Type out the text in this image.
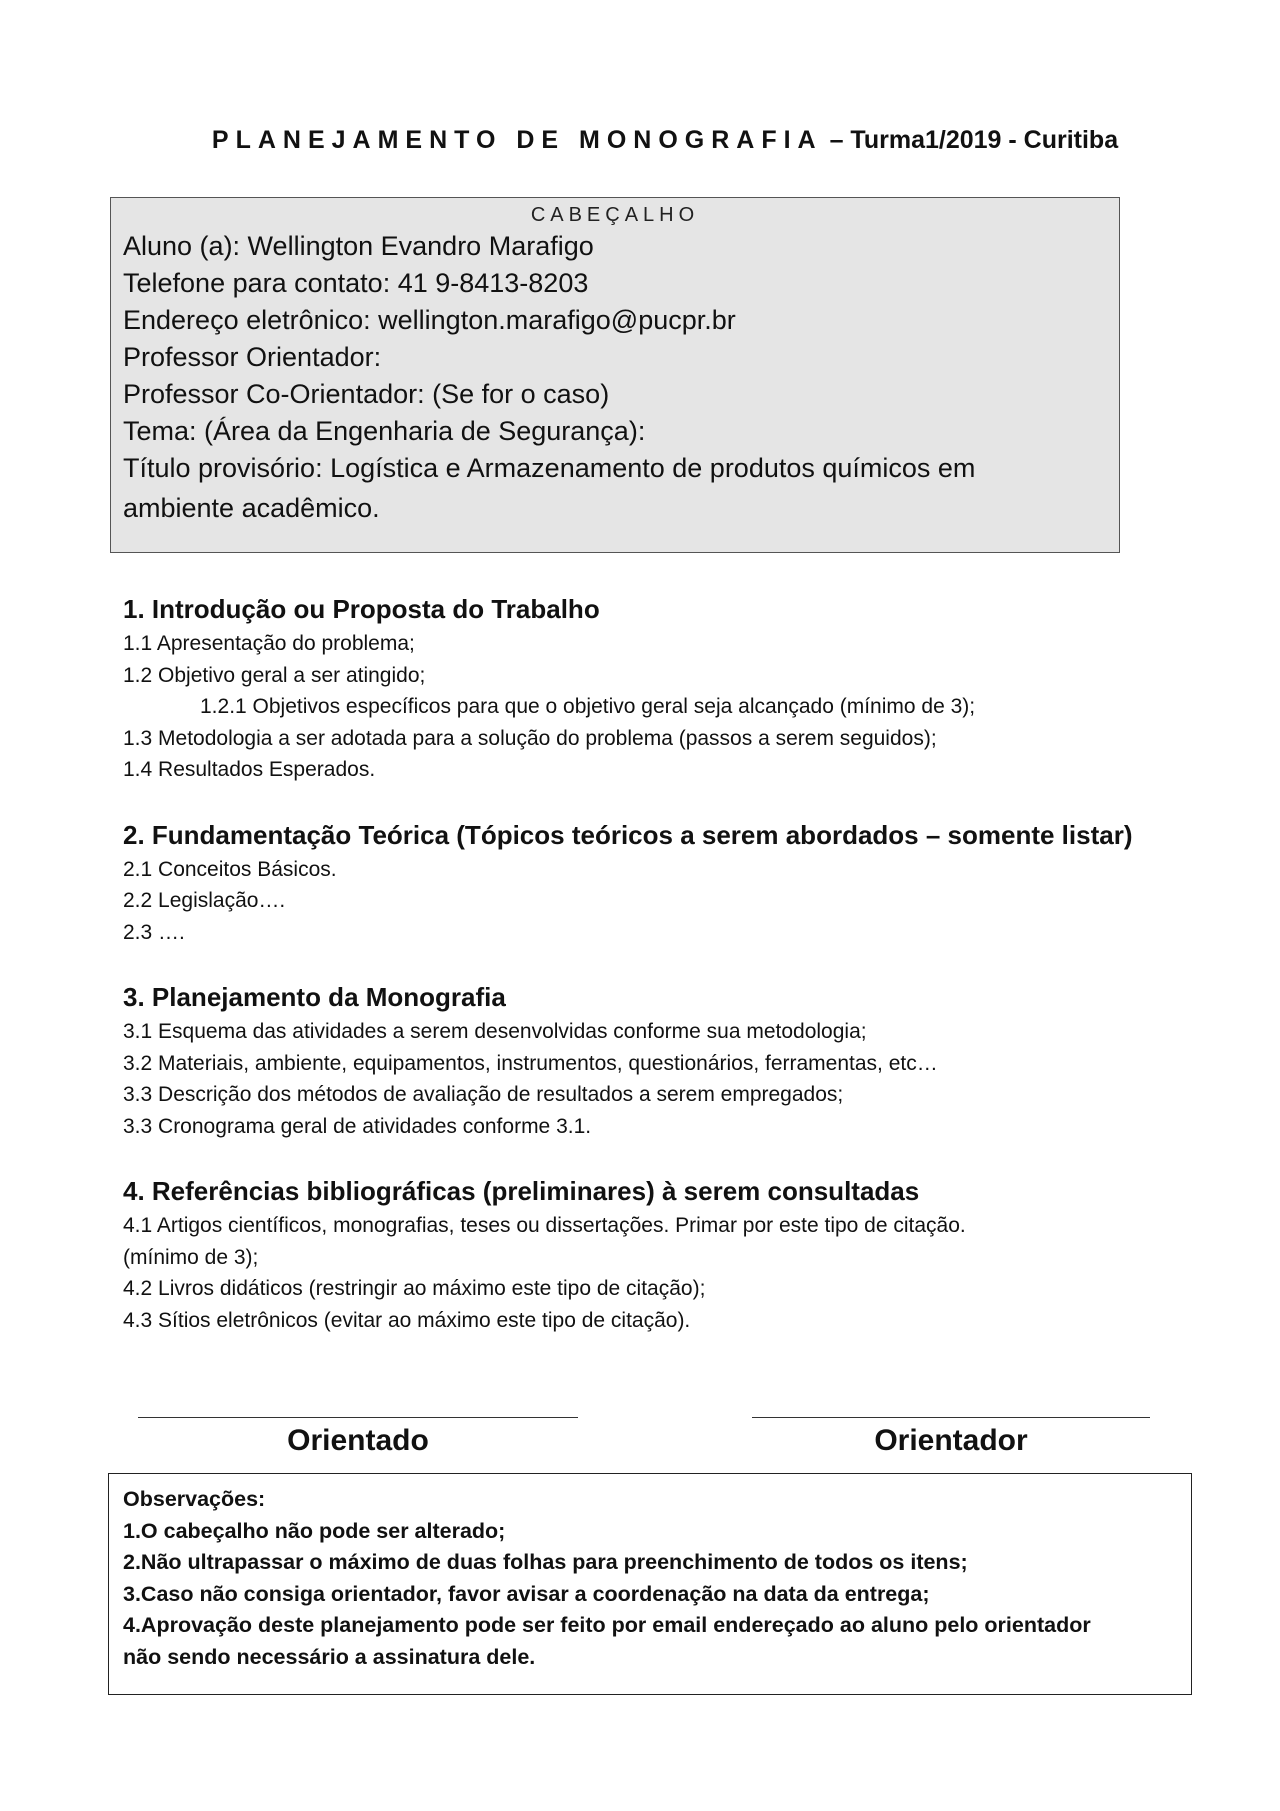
PLANEJAMENTO DE MONOGRAFIA – Turma1/2019 - Curitiba
CABEÇALHO
Aluno (a): Wellington Evandro Marafigo
Telefone para contato: 41 9-8413-8203
Endereço eletrônico: wellington.marafigo@pucpr.br
Professor Orientador:
Professor Co-Orientador: (Se for o caso)
Tema: (Área da Engenharia de Segurança):
Título provisório: Logística e Armazenamento de produtos químicos em
ambiente acadêmico.
1. Introdução ou Proposta do Trabalho
1.1 Apresentação do problema;
1.2 Objetivo geral a ser atingido;
1.2.1 Objetivos específicos para que o objetivo geral seja alcançado (mínimo de 3);
1.3 Metodologia a ser adotada para a solução do problema (passos a serem seguidos);
1.4 Resultados Esperados.
2. Fundamentação Teórica (Tópicos teóricos a serem abordados – somente listar)
2.1 Conceitos Básicos.
2.2 Legislação….
2.3 ….
3. Planejamento da Monografia
3.1 Esquema das atividades a serem desenvolvidas conforme sua metodologia;
3.2 Materiais, ambiente, equipamentos, instrumentos, questionários, ferramentas, etc…
3.3 Descrição dos métodos de avaliação de resultados a serem empregados;
3.3 Cronograma geral de atividades conforme 3.1.
4. Referências bibliográficas (preliminares) à serem consultadas
4.1 Artigos científicos, monografias, teses ou dissertações. Primar por este tipo de citação.
(mínimo de 3);
4.2 Livros didáticos (restringir ao máximo este tipo de citação);
4.3 Sítios eletrônicos (evitar ao máximo este tipo de citação).
Orientado	Orientador
Observações:
1.O cabeçalho não pode ser alterado;
2.Não ultrapassar o máximo de duas folhas para preenchimento de todos os itens;
3.Caso não consiga orientador, favor avisar a coordenação na data da entrega;
4.Aprovação deste planejamento pode ser feito por email endereçado ao aluno pelo orientador
não sendo necessário a assinatura dele.
